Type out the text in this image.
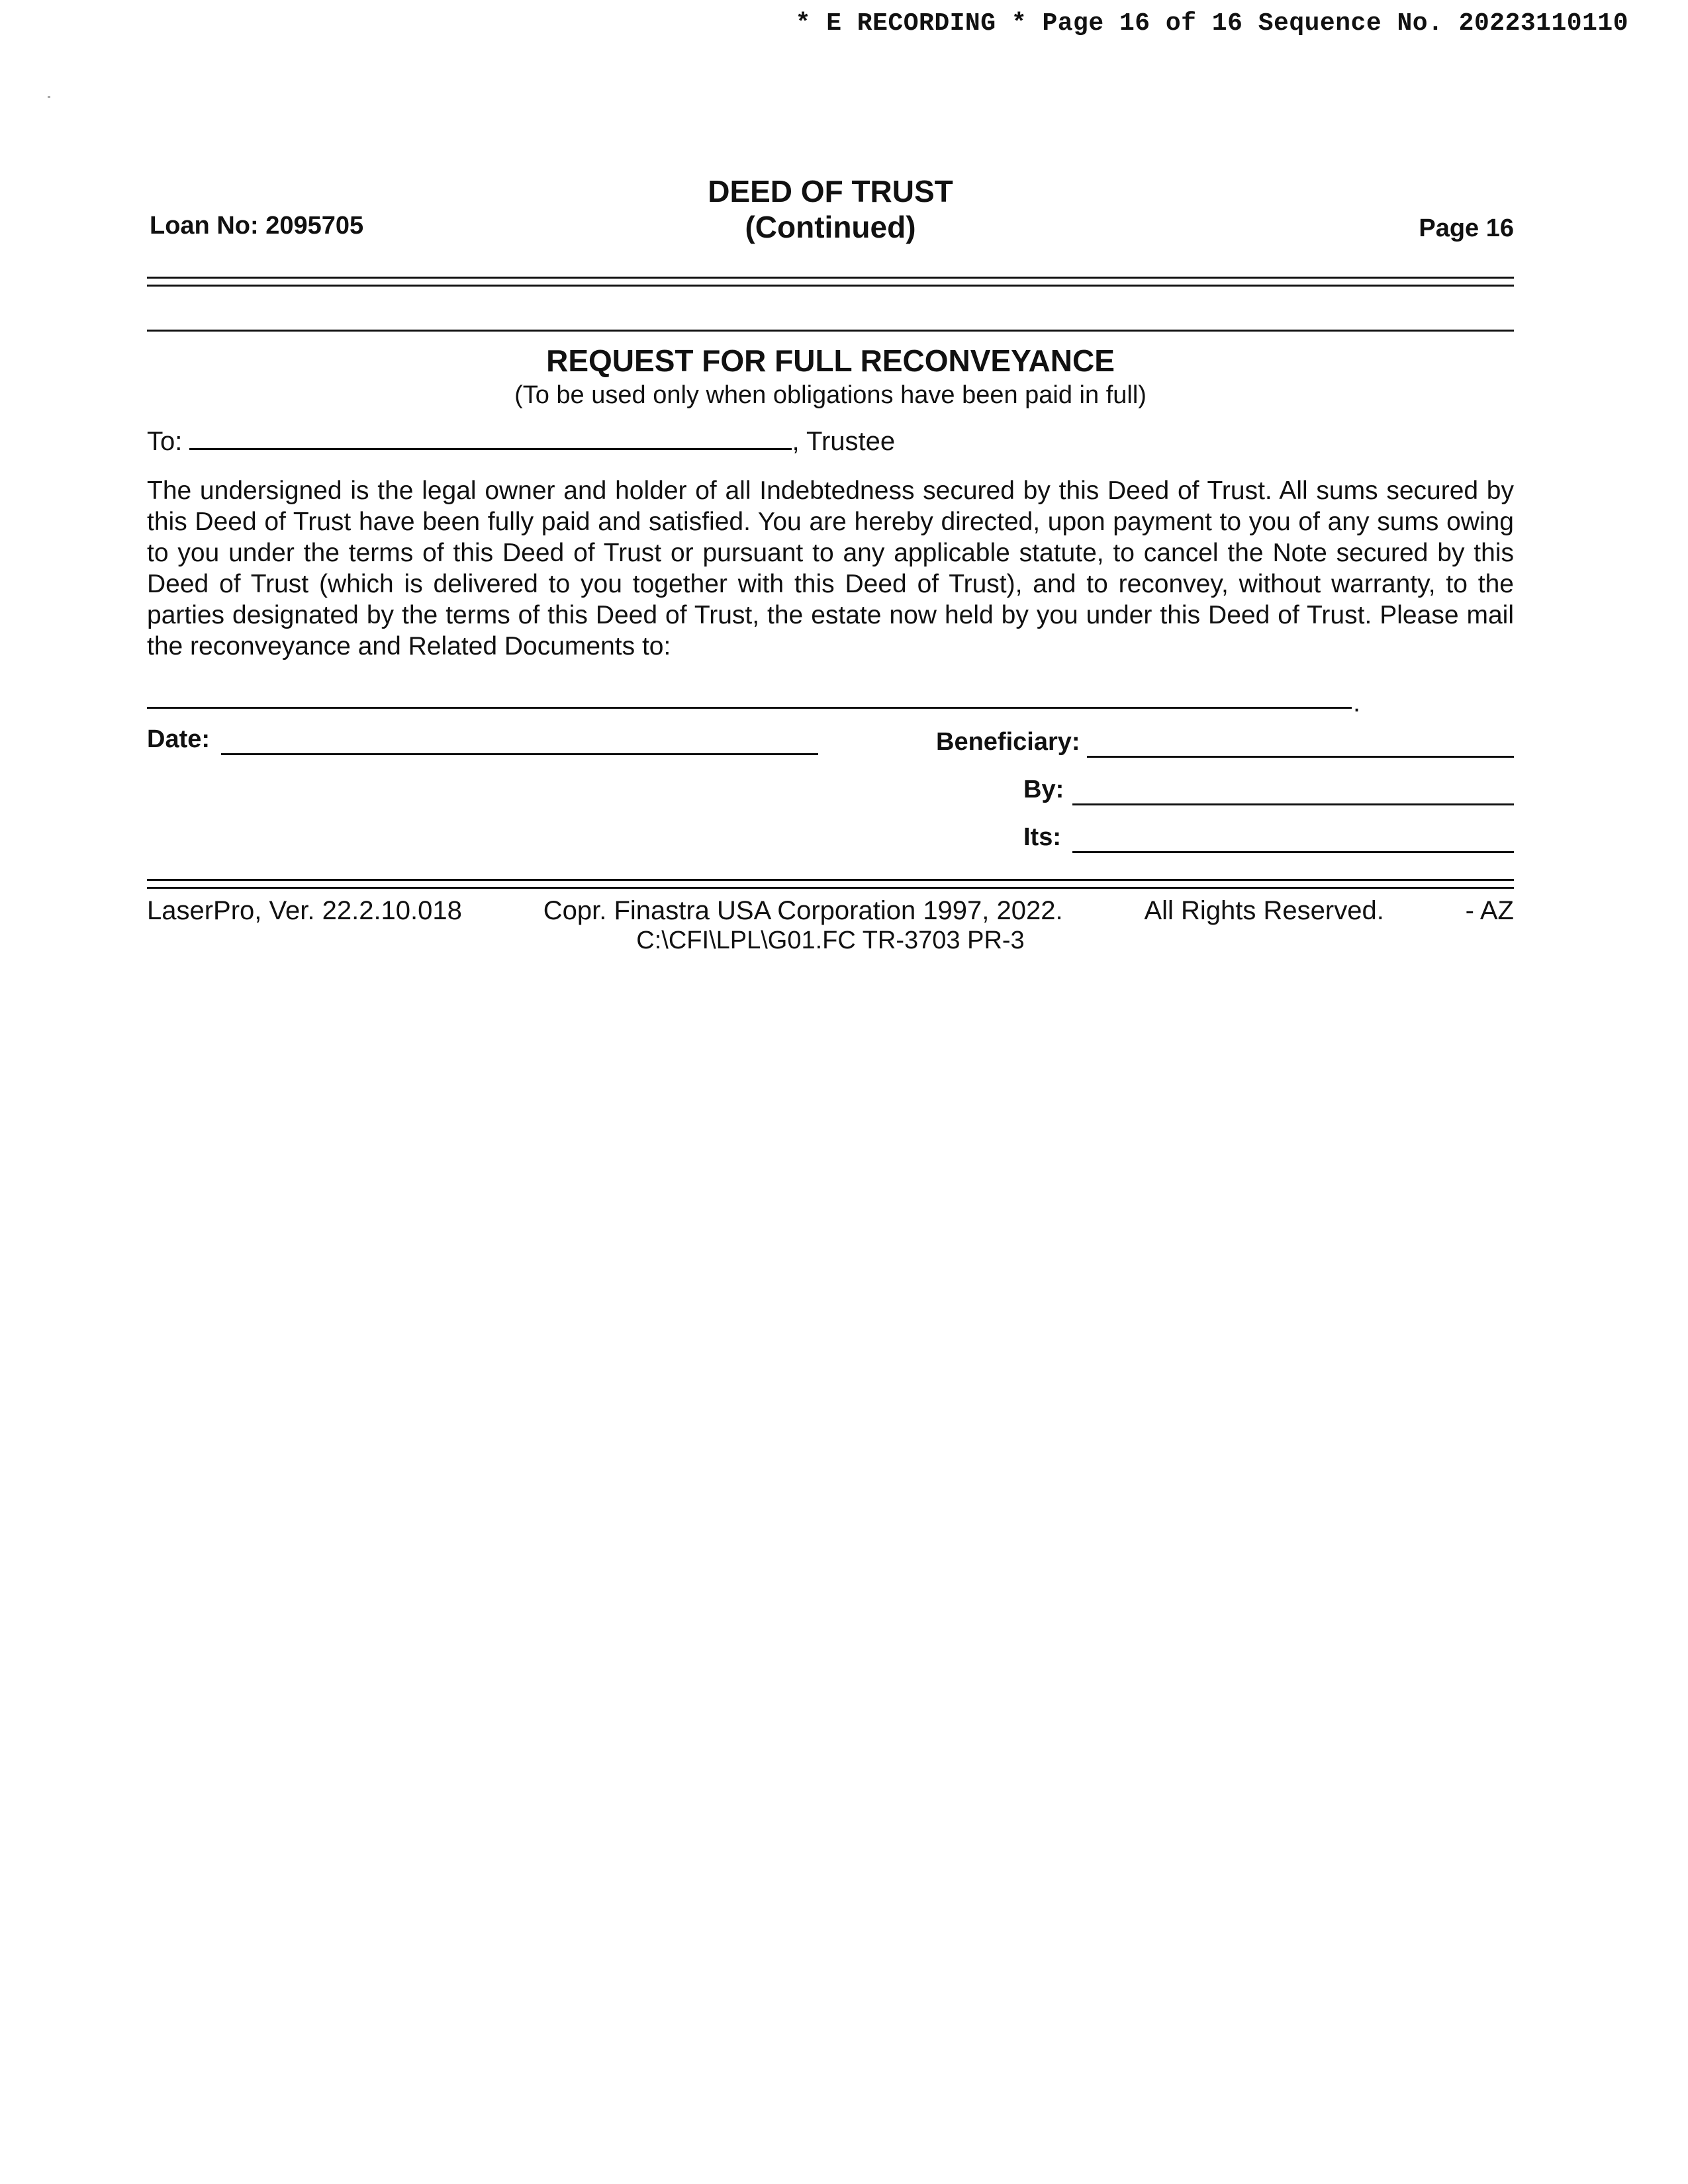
* E RECORDING * Page 16 of 16 Sequence No. 20223110110
Loan No: 2095705
DEED OF TRUST
(Continued)	Page 16
REQUEST FOR FULL RECONVEYANCE
(To be used only when obligations have been paid in full)
To:	, Trustee
The undersigned is the legal owner and holder of all Indebtedness secured by this Deed of Trust. All sums secured by this Deed of Trust have been fully paid and satisfied. You are hereby directed, upon payment to you of any sums owing to you under the terms of this Deed of Trust or pursuant to any applicable statute, to cancel the Note secured by this Deed of Trust (which is delivered to you together with this Deed of Trust), and to reconvey, without warranty, to the parties designated by the terms of this Deed of Trust, the estate now held by you under this Deed of Trust. Please mail the reconveyance and Related Documents to:
.
Date:	Beneficiary:
By:
Its:
LaserPro, Ver. 22.2.10.018	Copr. Finastra USA Corporation 1997, 2022.	All Rights Reserved.	- AZ
C:\CFI\LPL\G01.FC TR-3703 PR-3
